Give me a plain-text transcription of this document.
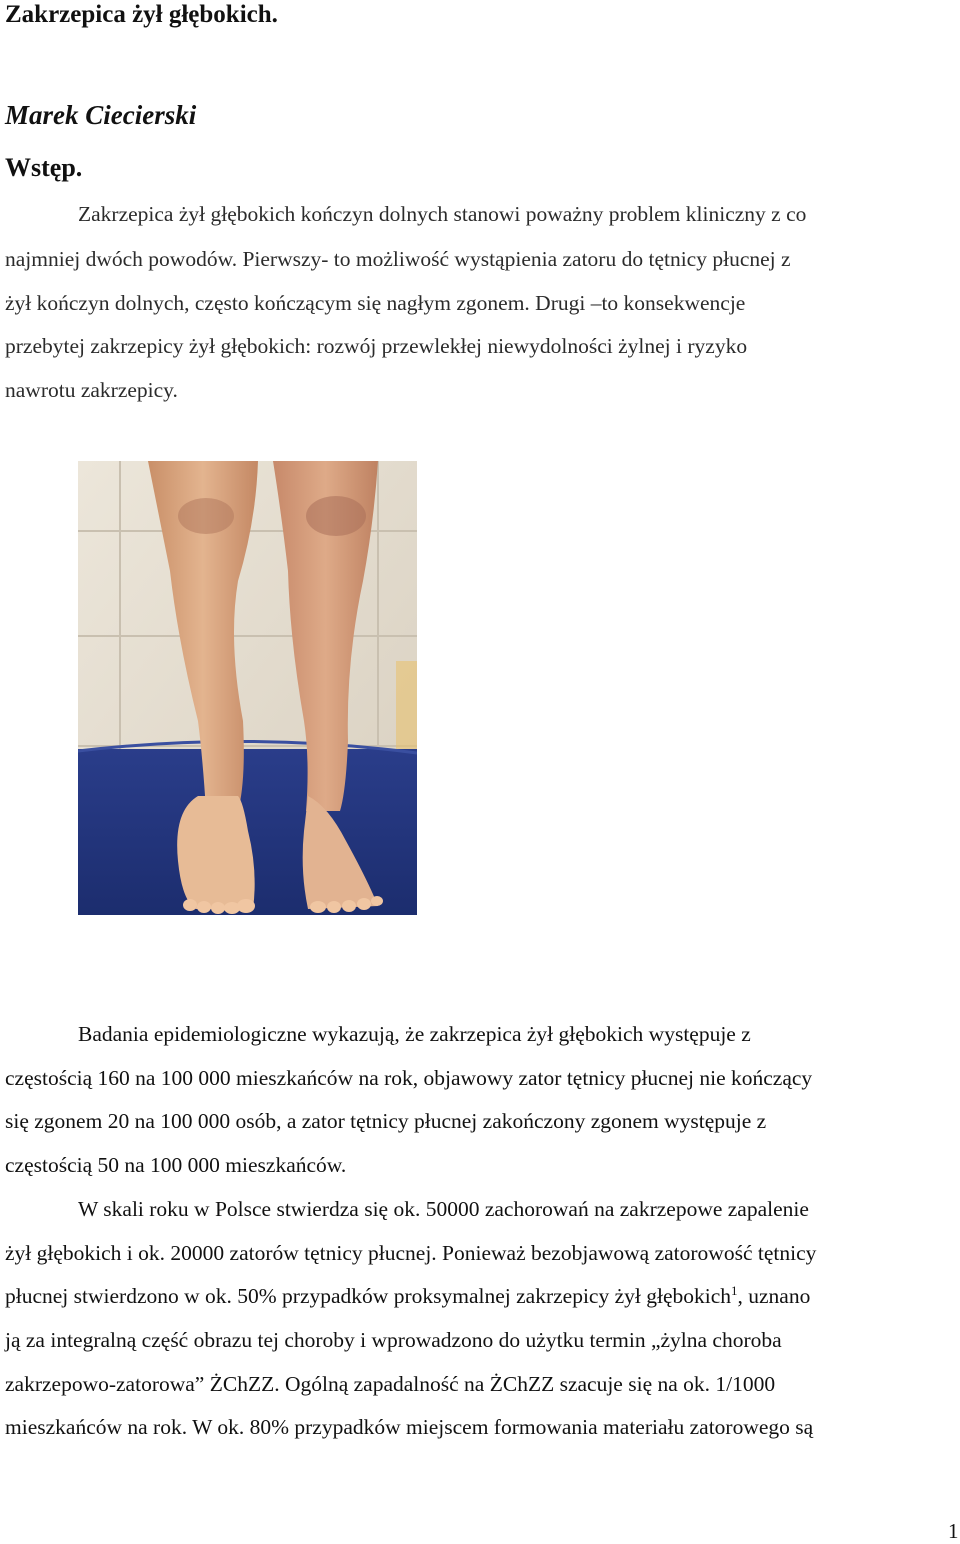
Zakrzepica żył głębokich.
Marek Ciecierski
Wstęp.

Zakrzepica żył głębokich kończyn dolnych stanowi poważny problem kliniczny z co

najmniej dwóch powodów. Pierwszy- to możliwość wystąpienia zatoru do tętnicy płucnej z

żył kończyn dolnych, często kończącym się nagłym zgonem. Drugi –to konsekwencje

przebytej zakrzepicy żył głębokich: rozwój przewlekłej niewydolności żylnej i ryzyko

nawrotu zakrzepicy.

Badania epidemiologiczne wykazują, że zakrzepica żył głębokich występuje z

częstością 160 na 100 000 mieszkańców na rok, objawowy zator tętnicy płucnej nie kończący

się zgonem 20 na 100 000 osób, a zator tętnicy płucnej zakończony zgonem występuje z

częstością 50 na 100 000 mieszkańców.

W skali roku w Polsce stwierdza się ok. 50000 zachorowań na zakrzepowe zapalenie

żył głębokich i ok. 20000 zatorów tętnicy płucnej. Ponieważ bezobjawową zatorowość tętnicy

płucnej stwierdzono w ok. 50% przypadków proksymalnej zakrzepicy żył głębokich$^1$, uznano

ją za integralną część obrazu tej choroby i wprowadzono do użytku termin „żylna choroba

zakrzepowo-zatorowa” ŻChZZ. Ogólną zapadalność na ŻChZZ szacuje się na ok. 1/1000

mieszkańców na rok. W ok. 80% przypadków miejscem formowania materiału zatorowego są

1
